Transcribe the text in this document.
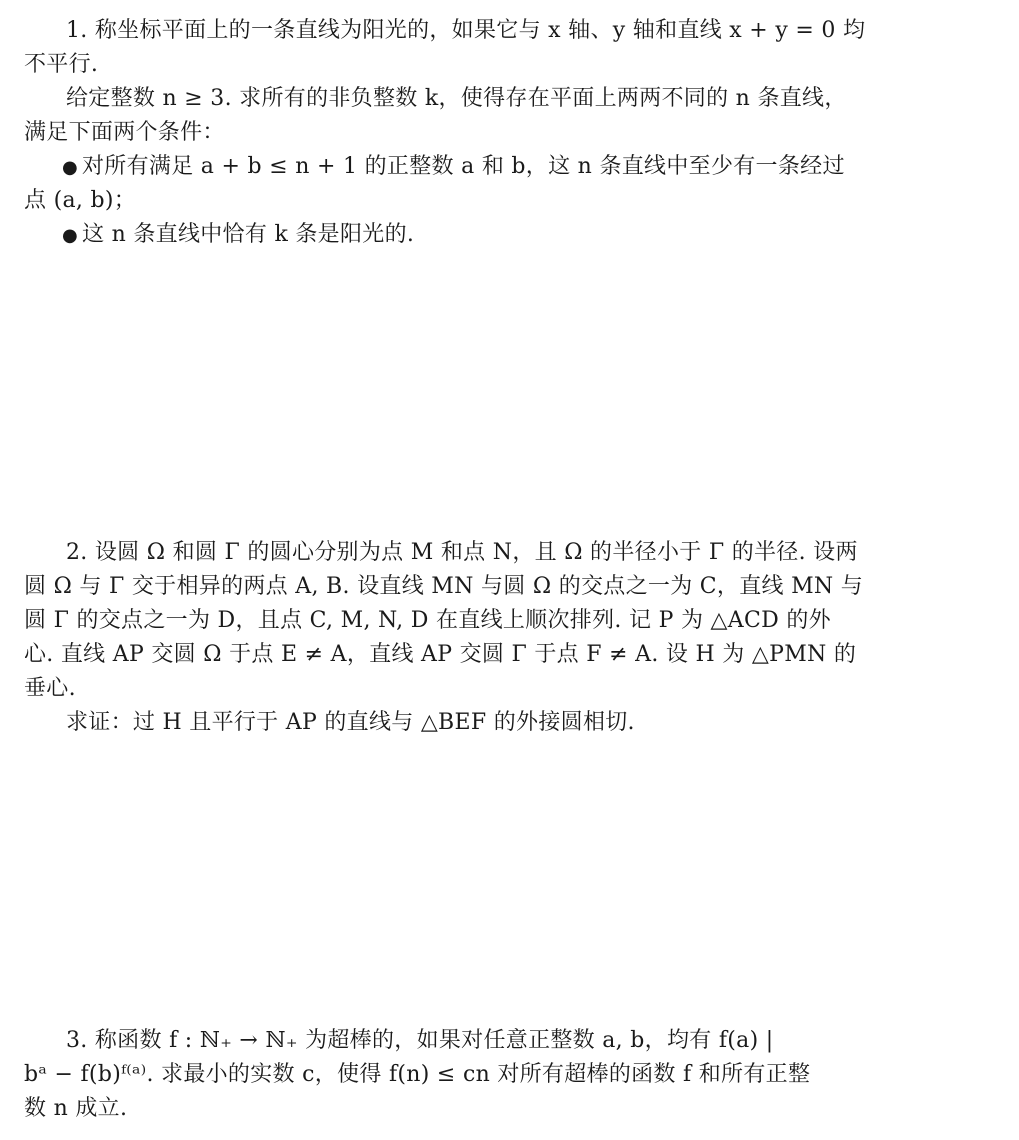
1. 称坐标平面上的一条直线为阳光的，如果它与 x 轴、y 轴和直线 x + y = 0 均
不平行.
给定整数 n ≥ 3. 求所有的非负整数 k，使得存在平面上两两不同的 n 条直线，
满足下面两个条件：
● 对所有满足 a + b ≤ n + 1 的正整数 a 和 b，这 n 条直线中至少有一条经过
点 (a, b)；
● 这 n 条直线中恰有 k 条是阳光的.
2. 设圆 Ω 和圆 Γ 的圆心分别为点 M 和点 N，且 Ω 的半径小于 Γ 的半径. 设两
圆 Ω 与 Γ 交于相异的两点 A, B. 设直线 MN 与圆 Ω 的交点之一为 C，直线 MN 与
圆 Γ 的交点之一为 D，且点 C, M, N, D 在直线上顺次排列. 记 P 为 △ACD 的外
心. 直线 AP 交圆 Ω 于点 E ≠ A，直线 AP 交圆 Γ 于点 F ≠ A. 设 H 为 △PMN 的
垂心.
求证：过 H 且平行于 AP 的直线与 △BEF 的外接圆相切.
3. 称函数 f : ℕ₊ → ℕ₊ 为超棒的，如果对任意正整数 a, b，均有 f(a) |
bᵃ − f(b)ᶠ⁽ᵃ⁾. 求最小的实数 c，使得 f(n) ≤ cn 对所有超棒的函数 f 和所有正整
数 n 成立.
